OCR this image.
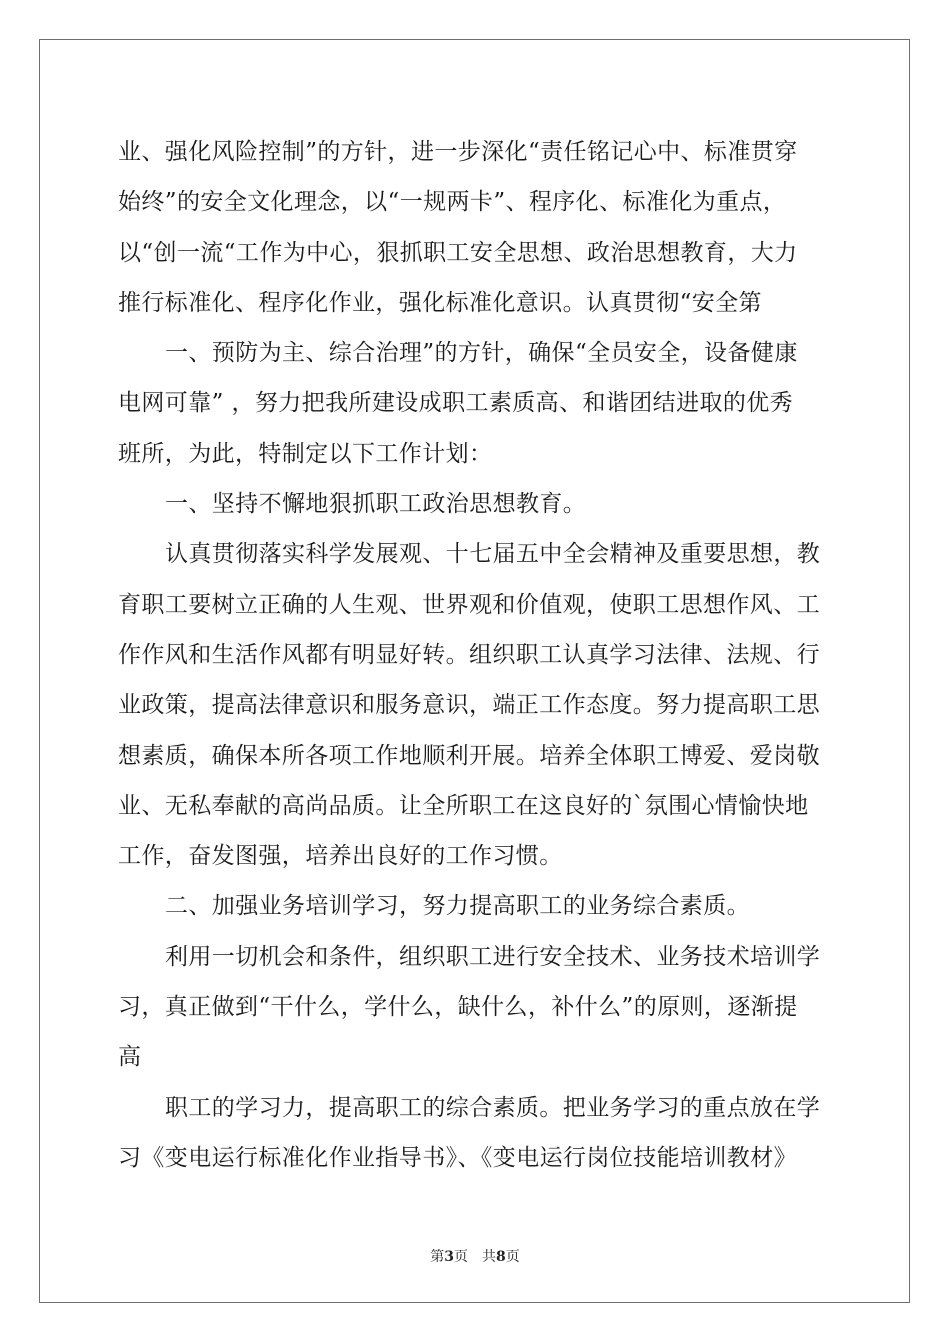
业、强化风险控制”的方针，进一步深化“责任铭记心中、标准贯穿
始终”的安全文化理念，以“一规两卡”、程序化、标准化为重点，
以“创一流“工作为中心，狠抓职工安全思想、政治思想教育，大力
推行标准化、程序化作业，强化标准化意识。认真贯彻“安全第
一、预防为主、综合治理”的方针，确保“全员安全，设备健康
电网可靠” ，努力把我所建设成职工素质高、和谐团结进取的优秀
班所，为此，特制定以下工作计划：
一、坚持不懈地狠抓职工政治思想教育。
认真贯彻落实科学发展观、十七届五中全会精神及重要思想，教
育职工要树立正确的人生观、世界观和价值观，使职工思想作风、工
作作风和生活作风都有明显好转。组织职工认真学习法律、法规、行
业政策，提高法律意识和服务意识，端正工作态度。努力提高职工思
想素质，确保本所各项工作地顺利开展。培养全体职工博爱、爱岗敬
业、无私奉献的高尚品质。让全所职工在这良好的`氛围心情愉快地
工作，奋发图强，培养出良好的工作习惯。
二、加强业务培训学习，努力提高职工的业务综合素质。
利用一切机会和条件，组织职工进行安全技术、业务技术培训学
习，真正做到“干什么，学什么，缺什么，补什么”的原则，逐渐提
高
职工的学习力，提高职工的综合素质。把业务学习的重点放在学
习《变电运行标准化作业指导书》、《变电运行岗位技能培训教材》
第3页 共8页
